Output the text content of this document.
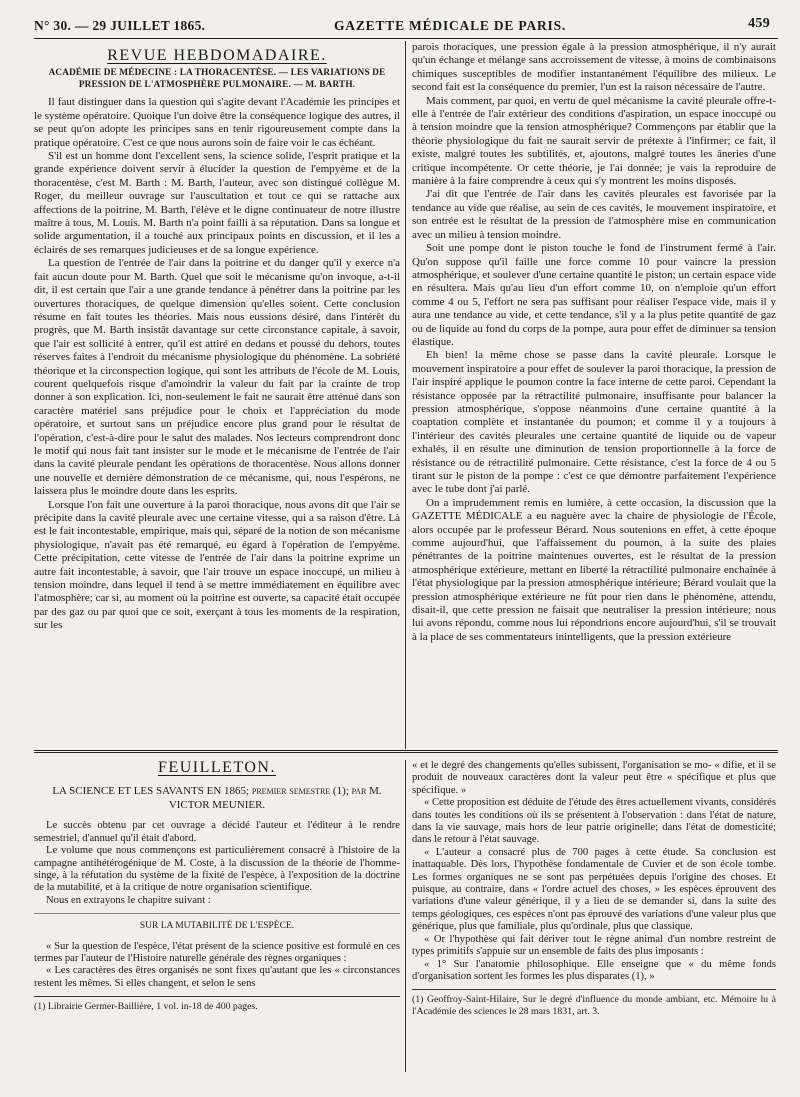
N° 30. — 29 JUILLET 1865.	GAZETTE MÉDICALE DE PARIS.	459
REVUE HEBDOMADAIRE.
ACADÉMIE DE MÉDECINE : LA THORACENTÈSE. — LES VARIATIONS DE PRESSION DE L'ATMOSPHÈRE PULMONAIRE. — M. BARTH.

Il faut distinguer dans la question qui s'agite devant l'Académie les principes et le système opératoire. Quoique l'un doive être la conséquence logique des autres, il se peut qu'on adopte les principes sans en tenir rigoureusement compte dans la pratique opératoire. C'est ce que nous aurons soin de faire voir le cas échéant.

S'il est un homme dont l'excellent sens, la science solide, l'esprit pratique et la grande expérience doivent servir à élucider la question de l'empyème et de la thoracentèse, c'est M. Barth : M. Barth, l'auteur, avec son distingué collègue M. Roger, du meilleur ouvrage sur l'auscultation et tout ce qui se rattache aux affections de la poitrine, M. Barth, l'élève et le digne continuateur de notre illustre maître à tous, M. Louis. M. Barth n'a point failli à sa réputation. Dans sa longue et solide argumentation, il a touché aux principaux points en discussion, et il les a éclairés de ses remarques judicieuses et de sa longue expérience.

La question de l'entrée de l'air dans la poitrine et du danger qu'il y exerce n'a fait aucun doute pour M. Barth. Quel que soit le mécanisme qu'on invoque, a-t-il dit, il est certain que l'air a une grande tendance à pénétrer dans la poitrine par les ouvertures thoraciques, de quelque dimension qu'elles soient. Cette conclusion résume en fait toutes les théories. Mais nous eussions désiré, dans l'intérêt du progrès, que M. Barth insistât davantage sur cette circonstance capitale, à savoir, que l'air est sollicité à entrer, qu'il est attiré en dedans et poussé du dehors, toutes réserves faites à l'endroit du mécanisme physiologique du phénomène. La sobriété théorique et la circonspection logique, qui sont les attributs de l'école de M. Louis, courent quelquefois risque d'amoindrir la valeur du fait par la crainte de trop donner à son explication. Ici, non-seulement le fait ne saurait être atténué dans son caractère matériel sans préjudice pour le choix et l'appréciation du mode opératoire, et surtout sans un préjudice encore plus grand pour le résultat de l'opération, c'est-à-dire pour le salut des malades. Nos lecteurs comprendront donc le motif qui nous fait tant insister sur le mode et le mécanisme de l'entrée de l'air dans la cavité pleurale pendant les opérations de thoracentèse. Nous allons donner une nouvelle et dernière démonstration de ce mécanisme, qui, nous l'espérons, ne laissera plus le moindre doute dans les esprits.

Lorsque l'on fait une ouverture à la paroi thoracique, nous avons dit que l'air se précipite dans la cavité pleurale avec une certaine vitesse, qui a sa raison d'être. Là est le fait incontestable, empirique, mais qui, séparé de la notion de son mécanisme physiologique, n'avait pas été remarqué, eu égard à l'opération de l'empyème. Cette précipitation, cette vitesse de l'entrée de l'air dans la poitrine exprime un autre fait incontestable, à savoir, que l'air trouve un espace inoccupé, un milieu à tension moindre, dans lequel il tend à se mettre immédiatement en équilibre avec l'atmosphère; car si, au moment où la poitrine est ouverte, sa capacité était occupée par des gaz ou par quoi que ce soit, exerçant à tous les moments de la respiration, sur les

parois thoraciques, une pression égale à la pression atmosphérique, il n'y aurait qu'un échange et mélange sans accroissement de vitesse, à moins de combinaisons chimiques susceptibles de modifier instantanément l'équilibre des milieux. Le second fait est la conséquence du premier, l'un est la raison nécessaire de l'autre.

Mais comment, par quoi, en vertu de quel mécanisme la cavité pleurale offre-t-elle à l'entrée de l'air extérieur des conditions d'aspiration, un espace inoccupé ou à tension moindre que la tension atmosphérique? Commençons par établir que la théorie physiologique du fait ne saurait servir de prétexte à l'infirmer; ce fait, il existe, malgré toutes les subtilités, et, ajoutons, malgré toutes les âneries d'une critique incompétente. Or cette théorie, je l'ai donnée; je vais la reproduire de manière à la faire comprendre à ceux qui s'y montrent les moins disposés.

J'ai dit que l'entrée de l'air dans les cavités pleurales est favorisée par la tendance au vide que réalise, au sein de ces cavités, le mouvement inspiratoire, et son entrée est le résultat de la pression de l'atmosphère mise en communication avec un milieu à tension moindre.

Soit une pompe dont le piston touche le fond de l'instrument fermé à l'air. Qu'on suppose qu'il faille une force comme 10 pour vaincre la pression atmosphérique, et soulever d'une certaine quantité le piston; un certain espace vide en résultera. Mais qu'au lieu d'un effort comme 10, on n'emploie qu'un effort comme 4 ou 5, l'effort ne sera pas suffisant pour réaliser l'espace vide, mais il y aura une tendance au vide, et cette tendance, s'il y a la plus petite quantité de gaz ou de liquide au fond du corps de la pompe, aura pour effet de diminuer sa tension élastique.

Eh bien! la même chose se passe dans la cavité pleurale. Lorsque le mouvement inspiratoire a pour effet de soulever la paroi thoracique, la pression de l'air inspiré applique le poumon contre la face interne de cette paroi. Cependant la résistance opposée par la rétractilité pulmonaire, insuffisante pour balancer la pression atmosphérique, s'oppose néanmoins d'une certaine quantité à la coaptation complète et instantanée du poumon; et comme il y a toujours à l'intérieur des cavités pleurales une certaine quantité de liquide ou de vapeur exhalés, il en résulte une diminution de tension proportionnelle à la force de résistance ou de rétractilité pulmonaire. Cette résistance, c'est la force de 4 ou 5 tirant sur le piston de la pompe : c'est ce que démontre parfaitement l'expérience avec le tube dont j'ai parlé.

On a imprudemment remis en lumière, à cette occasion, la discussion que la GAZETTE MÉDICALE a eu naguère avec la chaire de physiologie de l'École, alors occupée par le professeur Bérard. Nous soutenions en effet, à cette époque comme aujourd'hui, que l'affaissement du poumon, à la suite des plaies pénétrantes de la poitrine maintenues ouvertes, est le résultat de la pression atmosphérique extérieure, mettant en liberté la rétractilité pulmonaire enchaînée à l'état physiologique par la pression atmosphérique intérieure; Bérard voulait que la pression atmosphérique extérieure ne fût pour rien dans le phénomène, attendu, disait-il, que cette pression ne faisait que neutraliser la pression intérieure; nous lui avons répondu, comme nous lui répondrions encore aujourd'hui, s'il se trouvait à la place de ses commentateurs inintelligents, que la pression extérieure

FEUILLETON.
LA SCIENCE ET LES SAVANTS EN 1865; premier semestre (1); par M. VICTOR MEUNIER.

Le succès obtenu par cet ouvrage a décidé l'auteur et l'éditeur à le rendre semestriel, d'annuel qu'il était d'abord.

Le volume que nous commençons est particulièrement consacré à l'histoire de la campagne antihétérogénique de M. Coste, à la discussion de la théorie de l'homme-singe, à la réfutation du système de la fixité de l'espèce, à l'exposition de la doctrine de la mutabilité, et à la critique de notre organisation scientifique.

Nous en extrayons le chapitre suivant :

SUR LA MUTABILITÉ DE L'ESPÈCE.

« Sur la question de l'espèce, l'état présent de la science positive est formulé en ces termes par l'auteur de l'Histoire naturelle générale des règnes organiques :

« Les caractères des êtres organisés ne sont fixes qu'autant que les « circonstances restent les mêmes. Si elles changent, et selon le sens

(1) Librairie Germer-Baillière, 1 vol. in-18 de 400 pages.

« et le degré des changements qu'elles subissent, l'organisation se mo- « difie, et il se produit de nouveaux caractères dont la valeur peut être « spécifique et plus que spécifique. »

« Cette proposition est déduite de l'étude des êtres actuellement vivants, considérés dans toutes les conditions où ils se présentent à l'observation : dans l'état de nature, dans la vie sauvage, mais hors de leur patrie originelle; dans l'état de domesticité; dans le retour à l'état sauvage.

« L'auteur a consacré plus de 700 pages à cette étude. Sa conclusion est inattaquable. Dès lors, l'hypothèse fondamentale de Cuvier et de son école tombe. Les formes organiques ne se sont pas perpétuées depuis l'origine des choses. Et puisque, au contraire, dans « l'ordre actuel des choses, » les espèces éprouvent des variations d'une valeur générique, il y a lieu de se demander si, dans la suite des temps géologiques, ces espèces n'ont pas éprouvé des variations d'une valeur plus que générique, plus que familiale, plus qu'ordinale, plus que classique.

« Or l'hypothèse qui fait dériver tout le règne animal d'un nombre restreint de types primitifs s'appuie sur un ensemble de faits des plus imposants :

« 1° Sur l'anatomie philosophique. Elle enseigne que « du même fonds d'organisation sortent les formes les plus disparates (1), »

(1) Geoffroy-Saint-Hilaire, Sur le degré d'influence du monde ambiant, etc. Mémoire lu à l'Académie des sciences le 28 mars 1831, art. 3.
